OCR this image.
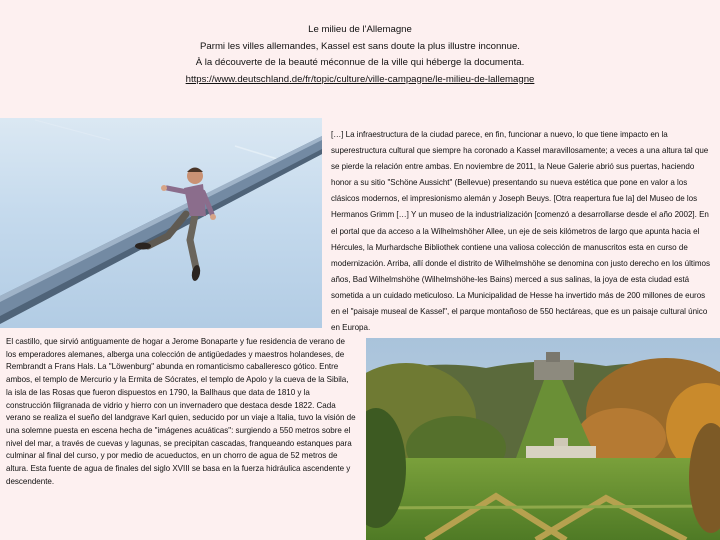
Le milieu de l'Allemagne
Parmi les villes allemandes, Kassel est sans doute la plus illustre inconnue.
À la découverte de la beauté méconnue de la ville qui héberge la documenta.
https://www.deutschland.de/fr/topic/culture/ville-campagne/le-milieu-de-lallemagne
[…] La infraestructura de la ciudad parece, en fin, funcionar a nuevo, lo que tiene impacto en la superestructura cultural que siempre ha coronado a Kassel maravillosamente; a veces a una altura tal que se pierde la relación entre ambas. En noviembre de 2011, la Neue Galerie abrió sus puertas, haciendo honor a su sitio "Schöne Aussicht" (Bellevue) presentando su nueva estética que pone en valor a los clásicos modernos, el impresionismo alemán y Joseph Beuys. [Otra reapertura fue la] del Museo de los Hermanos Grimm […] Y un museo de la industrialización [comenzó a desarrollarse desde el año 2002]. En el portal que da acceso a la Wilhelmshöher Allee, un eje de seis kilómetros de largo que apunta hacia el Hércules, la Murhardsche Bibliothek contiene una valiosa colección de manuscritos esta en curso de modernización. Arriba, allí donde el distrito de Wilhelmshöhe se denomina con justo derecho en los últimos años, Bad Wilhelmshöhe (Wilhelmshöhe-les Bains) merced a sus salinas, la joya de esta ciudad está sometida a un cuidado meticuloso. La Municipalidad de Hesse ha invertido más de 200 millones de euros en el "paisaje museal de Kassel", el parque montañoso de 550 hectáreas, que es un paisaje cultural único en Europa.
El castillo, que sirvió antiguamente de hogar a Jerome Bonaparte y fue residencia de verano de los emperadores alemanes, alberga una colección de antigüedades y maestros holandeses, de Rembrandt a Frans Hals. La "Löwenburg" abunda en romanticismo caballeresco gótico. Entre ambos, el templo de Mercurio y la Ermita de Sócrates, el templo de Apolo y la cueva de la Sibila, la isla de las Rosas que fueron dispuestos en 1790, la Ballhaus que data de 1810 y la construcción filigranada de vidrio y hierro con un invernadero que destaca desde 1822. Cada verano se realiza el sueño del landgrave Karl quien, seducido por un viaje a Italia, tuvo la visión de una solemne puesta en escena hecha de "imágenes acuáticas": surgiendo a 550 metros sobre el nivel del mar, a través de cuevas y lagunas, se precipitan cascadas, franqueando estanques para culminar al final del curso, y por medio de acueductos, en un chorro de agua de 52 metros de altura. Esta fuente de agua de finales del siglo XVIII se basa en la fuerza hidráulica ascendente y descendente.
